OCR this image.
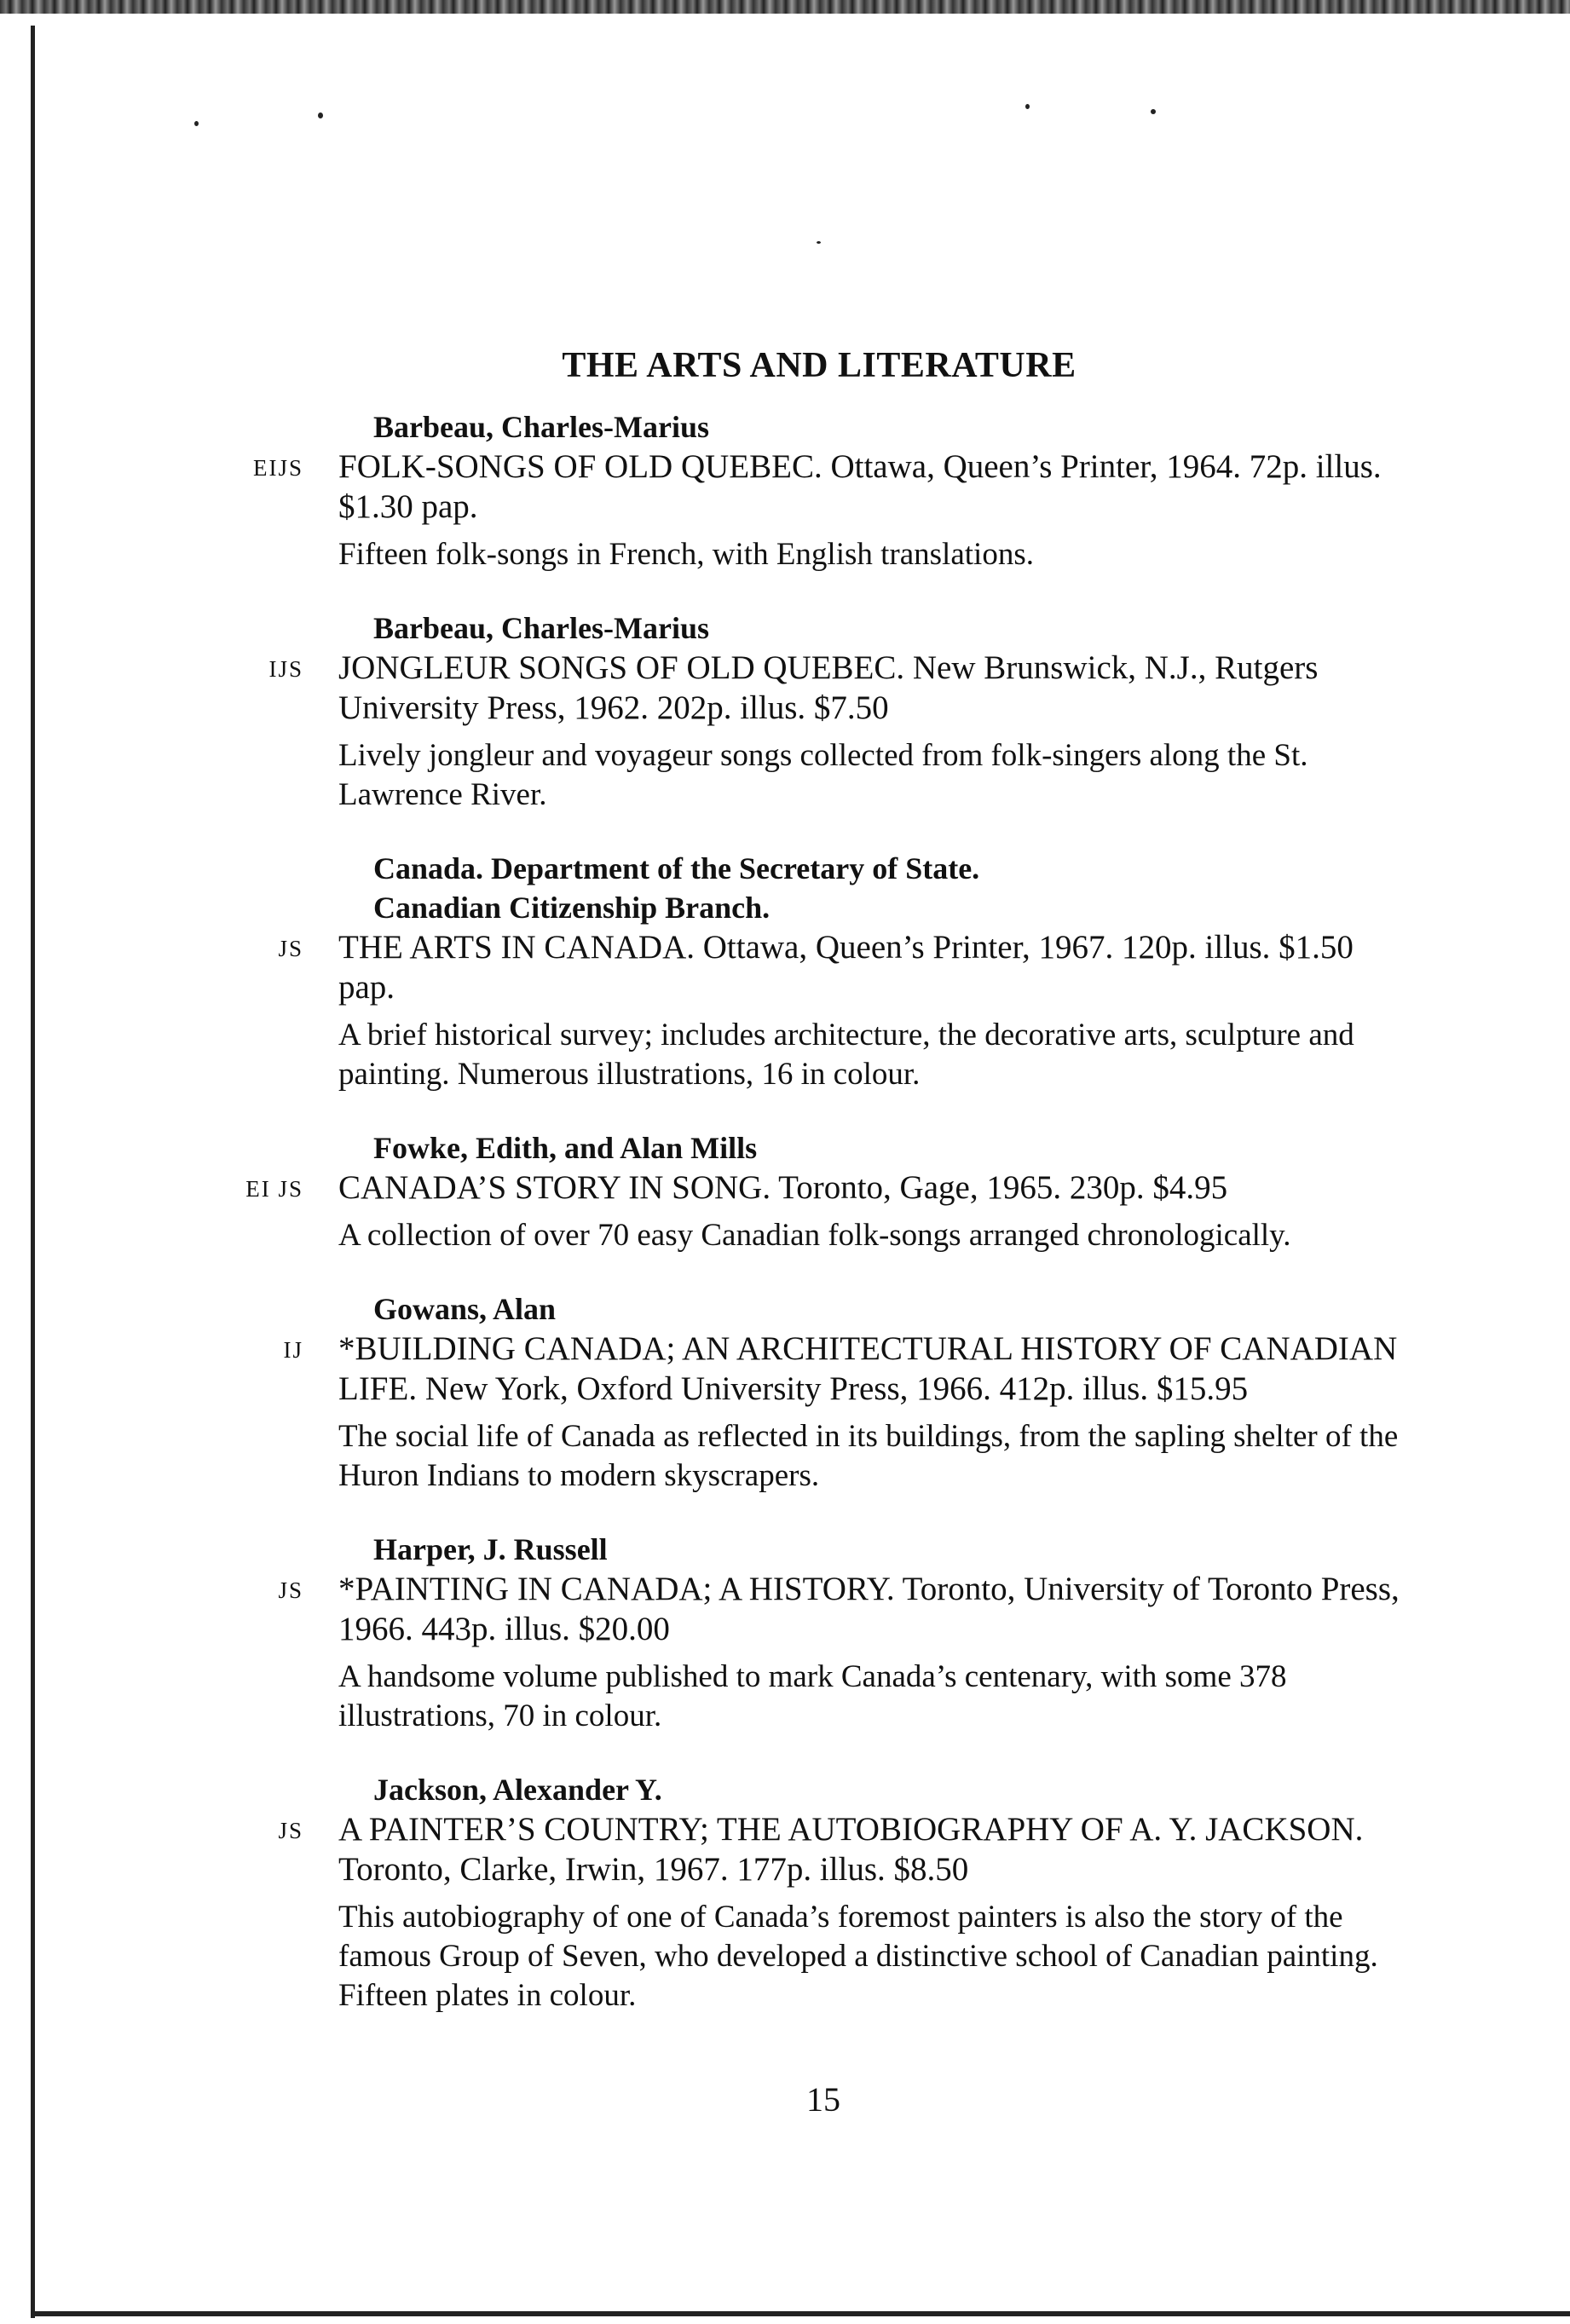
THE ARTS AND LITERATURE
Barbeau, Charles-Marius
EIJS FOLK-SONGS OF OLD QUEBEC. Ottawa, Queen’s Printer, 1964. 72p. illus. $1.30 pap.
Fifteen folk-songs in French, with English translations.
Barbeau, Charles-Marius
IJS JONGLEUR SONGS OF OLD QUEBEC. New Brunswick, N.J., Rutgers University Press, 1962. 202p. illus. $7.50
Lively jongleur and voyageur songs collected from folk-singers along the St. Lawrence River.
Canada. Department of the Secretary of State.
Canadian Citizenship Branch.
JS THE ARTS IN CANADA. Ottawa, Queen’s Printer, 1967. 120p. illus. $1.50 pap.
A brief historical survey; includes architecture, the decorative arts, sculpture and painting. Numerous illustrations, 16 in colour.
Fowke, Edith, and Alan Mills
EI JS CANADA’S STORY IN SONG. Toronto, Gage, 1965. 230p. $4.95
A collection of over 70 easy Canadian folk-songs arranged chronologically.
Gowans, Alan
IJ *BUILDING CANADA; AN ARCHITECTURAL HISTORY OF CANADIAN LIFE. New York, Oxford University Press, 1966. 412p. illus. $15.95
The social life of Canada as reflected in its buildings, from the sapling shelter of the Huron Indians to modern skyscrapers.
Harper, J. Russell
JS *PAINTING IN CANADA; A HISTORY. Toronto, University of Toronto Press, 1966. 443p. illus. $20.00
A handsome volume published to mark Canada’s centenary, with some 378 illustrations, 70 in colour.
Jackson, Alexander Y.
JS A PAINTER’S COUNTRY; THE AUTOBIOGRAPHY OF A. Y. JACKSON. Toronto, Clarke, Irwin, 1967. 177p. illus. $8.50
This autobiography of one of Canada’s foremost painters is also the story of the famous Group of Seven, who developed a distinctive school of Canadian painting. Fifteen plates in colour.
15
